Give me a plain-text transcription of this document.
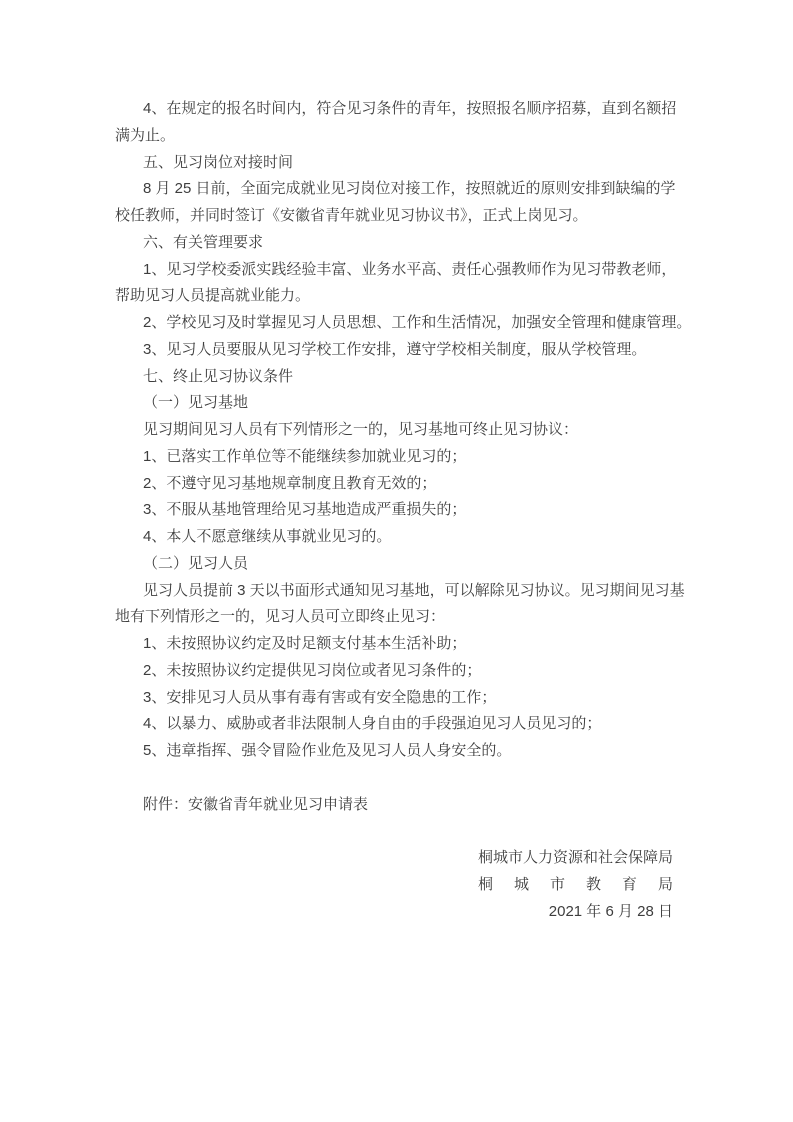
4、在规定的报名时间内，符合见习条件的青年，按照报名顺序招募，直到名额招
满为止。
五、见习岗位对接时间
8 月 25 日前，全面完成就业见习岗位对接工作，按照就近的原则安排到缺编的学
校任教师，并同时签订《安徽省青年就业见习协议书》，正式上岗见习。
六、有关管理要求
1、见习学校委派实践经验丰富、业务水平高、责任心强教师作为见习带教老师，
帮助见习人员提高就业能力。
2、学校见习及时掌握见习人员思想、工作和生活情况，加强安全管理和健康管理。
3、见习人员要服从见习学校工作安排，遵守学校相关制度，服从学校管理。
七、终止见习协议条件
（一）见习基地
见习期间见习人员有下列情形之一的，见习基地可终止见习协议：
1、已落实工作单位等不能继续参加就业见习的；
2、不遵守见习基地规章制度且教育无效的；
3、不服从基地管理给见习基地造成严重损失的；
4、本人不愿意继续从事就业见习的。
（二）见习人员
见习人员提前 3 天以书面形式通知见习基地，可以解除见习协议。见习期间见习基
地有下列情形之一的，见习人员可立即终止见习：
1、未按照协议约定及时足额支付基本生活补助；
2、未按照协议约定提供见习岗位或者见习条件的；
3、安排见习人员从事有毒有害或有安全隐患的工作；
4、以暴力、威胁或者非法限制人身自由的手段强迫见习人员见习的；
5、违章指挥、强令冒险作业危及见习人员人身安全的。
附件：安徽省青年就业见习申请表
桐城市人力资源和社会保障局
桐城市教育局
2021 年 6 月 28 日
